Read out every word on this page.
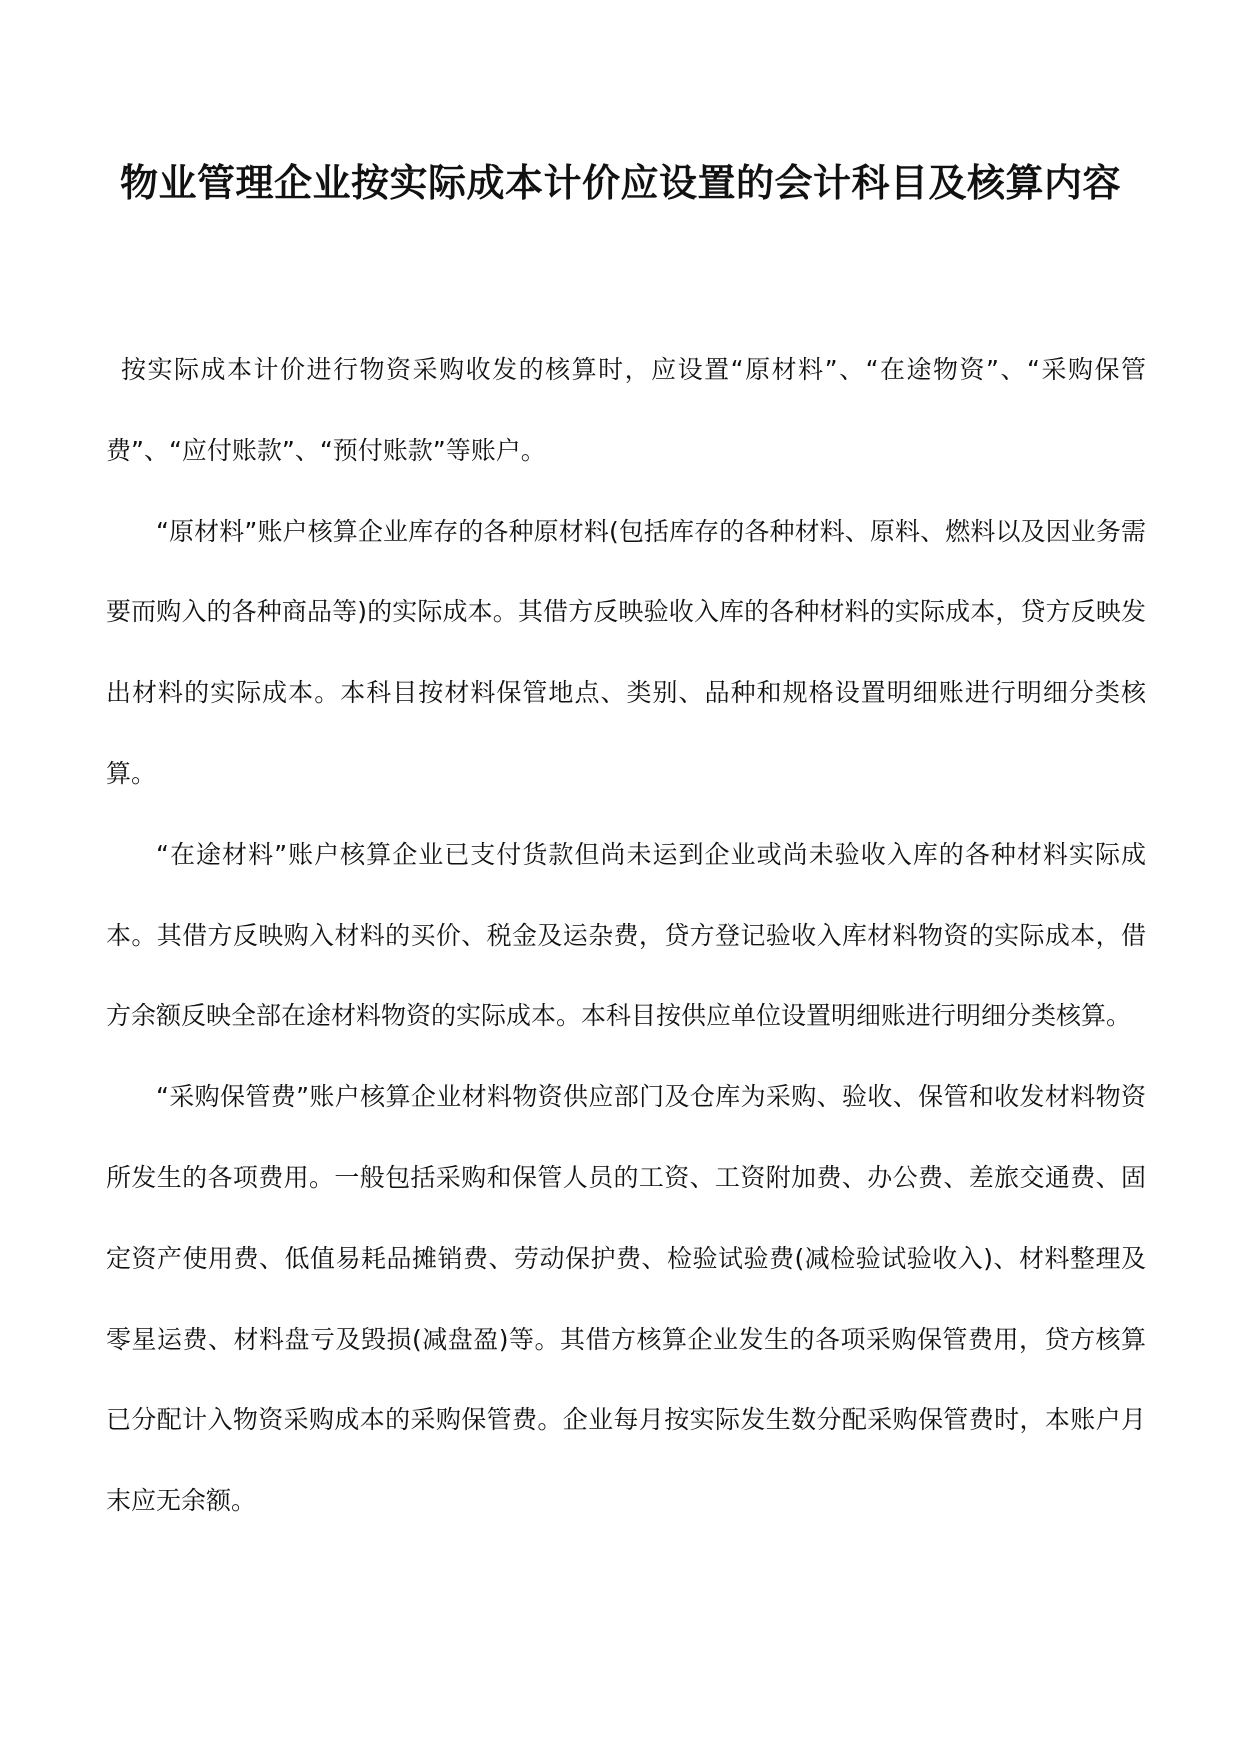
物业管理企业按实际成本计价应设置的会计科目及核算内容

按实际成本计价进行物资采购收发的核算时，应设置“原材料”、“在途物资”、“采购保管费”、“应付账款”、“预付账款”等账户。

“原材料”账户核算企业库存的各种原材料(包括库存的各种材料、原料、燃料以及因业务需要而购入的各种商品等)的实际成本。其借方反映验收入库的各种材料的实际成本，贷方反映发出材料的实际成本。本科目按材料保管地点、类别、品种和规格设置明细账进行明细分类核算。

“在途材料”账户核算企业已支付货款但尚未运到企业或尚未验收入库的各种材料实际成本。其借方反映购入材料的买价、税金及运杂费，贷方登记验收入库材料物资的实际成本，借方余额反映全部在途材料物资的实际成本。本科目按供应单位设置明细账进行明细分类核算。

“采购保管费”账户核算企业材料物资供应部门及仓库为采购、验收、保管和收发材料物资所发生的各项费用。一般包括采购和保管人员的工资、工资附加费、办公费、差旅交通费、固定资产使用费、低值易耗品摊销费、劳动保护费、检验试验费(减检验试验收入)、材料整理及零星运费、材料盘亏及毁损(减盘盈)等。其借方核算企业发生的各项采购保管费用，贷方核算已分配计入物资采购成本的采购保管费。企业每月按实际发生数分配采购保管费时，本账户月末应无余额。
